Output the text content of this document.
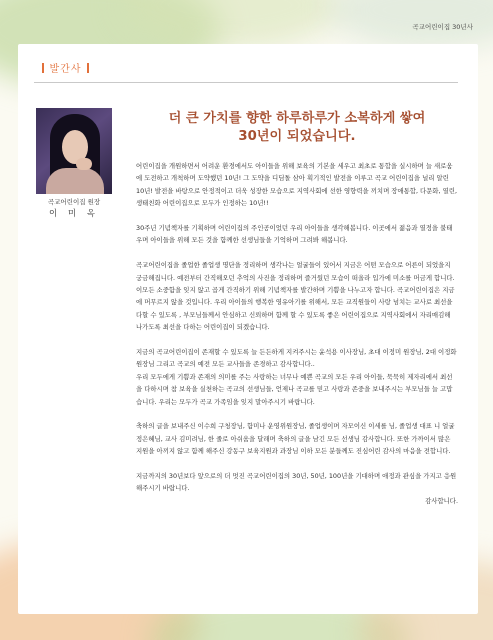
곡교어린이집 30년사
발간사
곡교어린이집 원장
이 미 옥
더 큰 가치를 향한 하루하루가 소복하게 쌓여
30년이 되었습니다.

어린이집을 개원하면서 어려운 환경에서도 아이들을 위해 보육의 기본을 세우고 최초로 통합을 실시하며 늘 새로움에 도전하고 개척하며 도약했던 10년! 그 도약을 디딤돌 삼아 획기적인 발전을 이루고 곡교 어린이집을 널리 알린 10년! 발전을 바탕으로 안정적이고 더욱 성장한 모습으로 지역사회에 선한 영향력을 끼치며 장애통합, 다문화, 열린, 생태친화 어린이집으로 모두가 인정하는 10년!!

30주년 기념책자를 기획하며 어린이집의 주인공이었던 우리 아이들을 생각해봅니다. 이곳에서 젊음과 열정을 불태우며 아이들을 위해 모든 것을 함께한 선생님들을 기억하며 그려봐 해봅니다.

곡교어린이집을 졸업한 졸업생 명단을 정리하며 생각나는 얼굴들이 있어서 지금은 어떤 모습으로 어른이 되었을지 궁금해집니다. 예전부터 간직해오던 추억의 사진을 정리하며 즐거웠던 모습이 떠올라 입가에 미소를 머금게 합니다.

이모든 소중함을 잊지 않고 곱게 간직하기 위해 기념책자를 발간하며 기쁨을 나누고자 합니다. 곡교어린이집은 지금에 머무르지 않을 것입니다. 우리 아이들의 행복한 영유아기를 위해서, 모든 교직원들이 사랑 넘치는 교사로 최선을 다할 수 있도록 , 부모님들께서 안심하고 신뢰하며 함께 할 수 있도록 좋은 어린이집으로 지역사회에서 자리매김해 나가도록 최선을 다하는 어린이집이 되겠습니다.

지금의 곡교어린이집이 존재할 수 있도록 늘 든든하게 지켜주시는 윤석용 이사장님, 초대 이정미 원장님, 2대 이정화 원장님 그리고 곡교의 예전 모든 교사들을 존경하고 감사합니다..

우리 모두에게 기쁨과 존재의 의미를 주는 사랑하는 너무나 예쁜 곡교의 모든 우리 아이들, 묵묵히 제자리에서 최선을 다하시며 참 보육을 실천하는 곡교의 선생님들, 언제나 곡교를 믿고 사랑과 존중을 보내주시는 부모님들 늘 고맙습니다. 우리는 모두가 곡교 가족임을 잊지 말아주시기 바랍니다.

축하의 글을 보내주신 이수희 구청장님, 함미나 운영위원장님, 졸업생이며 자모이신 이세를 님, 졸업생 대표 니 얼굴 정은혜님, 교사 김미려님, 한 줄로 아쉬움을 달래며 축하의 글을 남긴 모든 선생님 감사합니다. 또한 가까이서 많은 지원을 아끼지 않고 함께 해주신 강동구 보육지원과 과장님 이하 모든 분들께도 진심어린 감사의 마음을 전합니다.

지금까지의 30년보다 앞으로의 더 멋진 곡교어린이집의 30년, 50년, 100년을 기대하며 애정과 관심을 가지고 응원해주시기 바랍니다.

감사합니다.
